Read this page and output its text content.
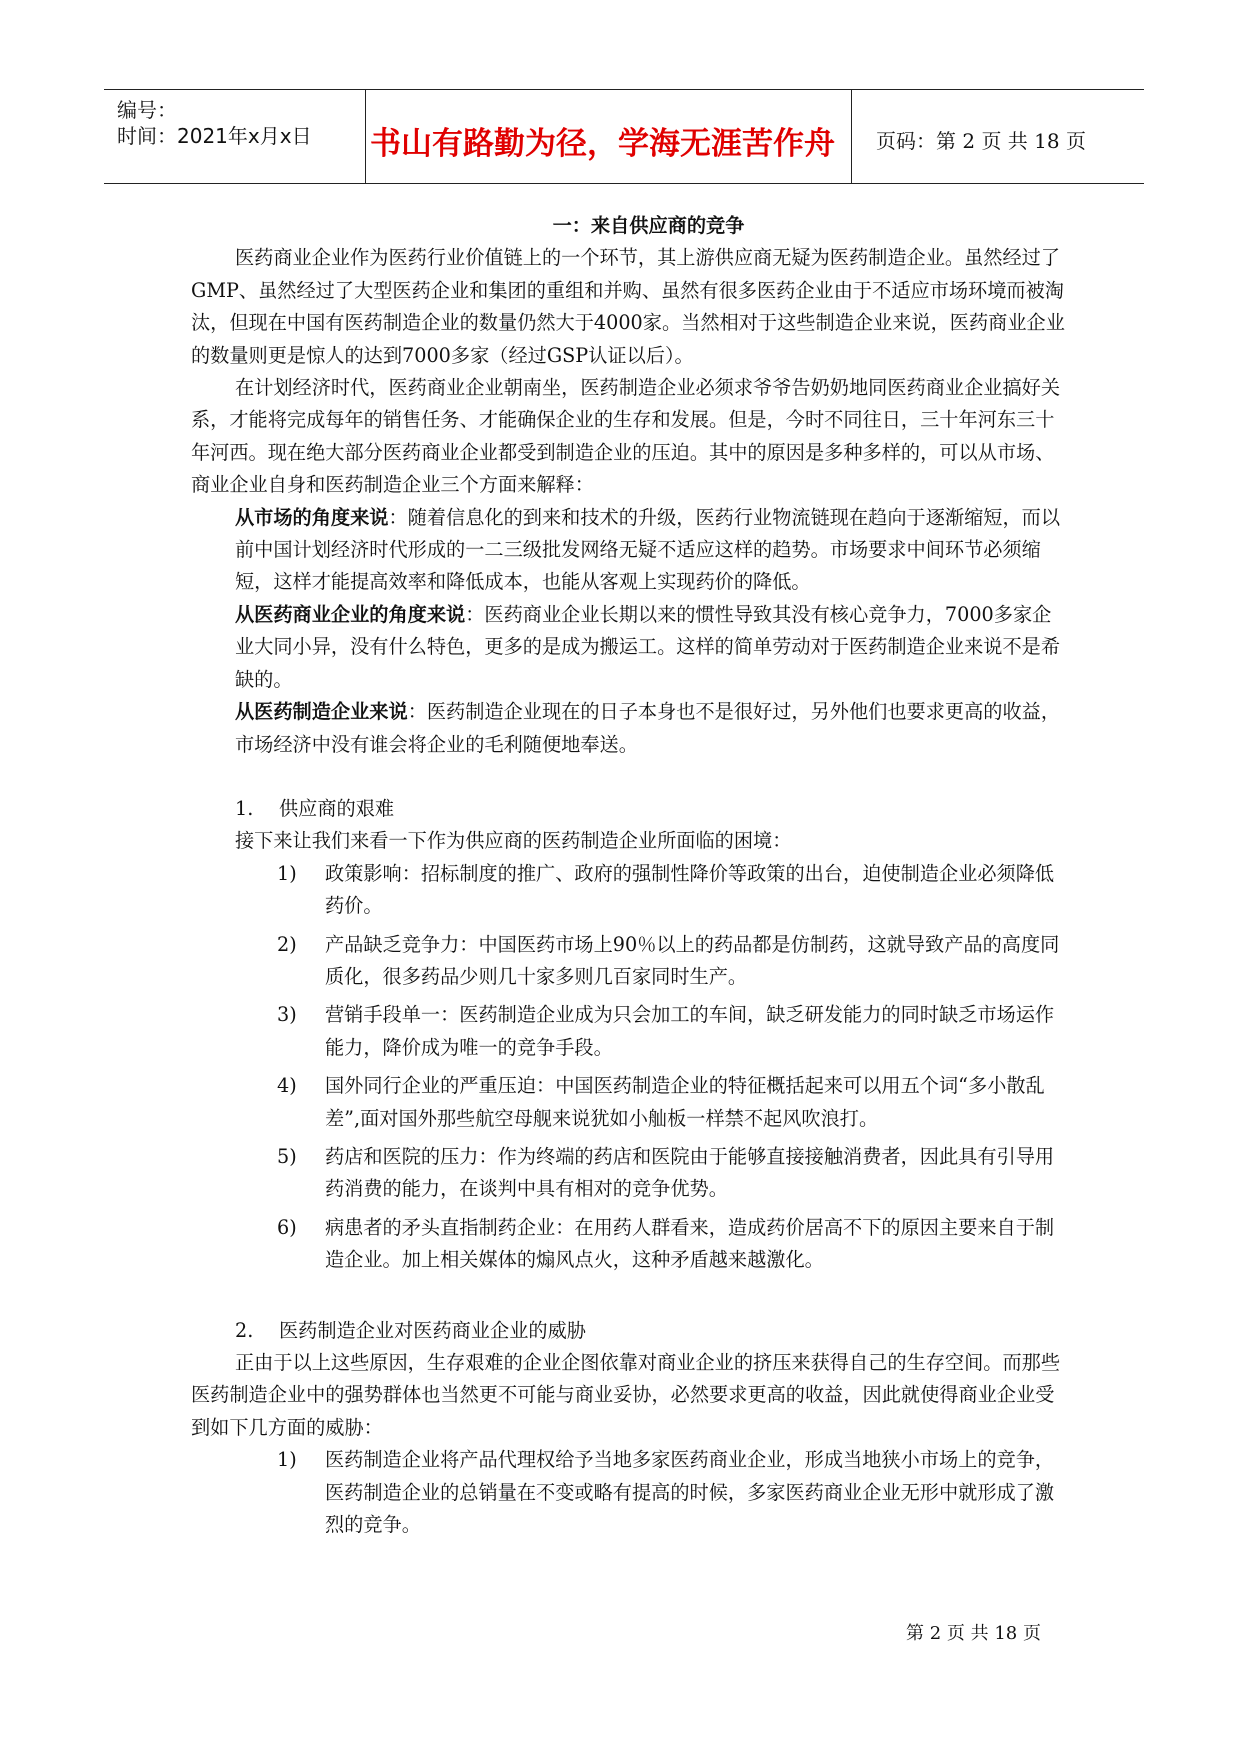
编号：
时间：2021年x月x日 书山有路勤为径，学海无涯苦作舟	页码：第 2 页 共 18 页

一：来自供应商的竞争

医药商业企业作为医药行业价值链上的一个环节，其上游供应商无疑为医药制造企业。虽然经过了GMP、虽然经过了大型医药企业和集团的重组和并购、虽然有很多医药企业由于不适应市场环境而被淘汰，但现在中国有医药制造企业的数量仍然大于4000家。当然相对于这些制造企业来说，医药商业企业的数量则更是惊人的达到7000多家（经过GSP认证以后）。

在计划经济时代，医药商业企业朝南坐，医药制造企业必须求爷爷告奶奶地同医药商业企业搞好关系，才能将完成每年的销售任务、才能确保企业的生存和发展。但是，今时不同往日，三十年河东三十年河西。现在绝大部分医药商业企业都受到制造企业的压迫。其中的原因是多种多样的，可以从市场、商业企业自身和医药制造企业三个方面来解释：

从市场的角度来说：随着信息化的到来和技术的升级，医药行业物流链现在趋向于逐渐缩短，而以前中国计划经济时代形成的一二三级批发网络无疑不适应这样的趋势。市场要求中间环节必须缩短，这样才能提高效率和降低成本，也能从客观上实现药价的降低。

从医药商业企业的角度来说：医药商业企业长期以来的惯性导致其没有核心竞争力，7000多家企业大同小异，没有什么特色，更多的是成为搬运工。这样的简单劳动对于医药制造企业来说不是希缺的。

从医药制造企业来说：医药制造企业现在的日子本身也不是很好过，另外他们也要求更高的收益，市场经济中没有谁会将企业的毛利随便地奉送。

1. 供应商的艰难

接下来让我们来看一下作为供应商的医药制造企业所面临的困境：

1) 政策影响：招标制度的推广、政府的强制性降价等政策的出台，迫使制造企业必须降低药价。
2) 产品缺乏竞争力：中国医药市场上90％以上的药品都是仿制药，这就导致产品的高度同质化，很多药品少则几十家多则几百家同时生产。
3) 营销手段单一：医药制造企业成为只会加工的车间，缺乏研发能力的同时缺乏市场运作能力，降价成为唯一的竞争手段。
4) 国外同行企业的严重压迫：中国医药制造企业的特征概括起来可以用五个词“多小散乱差”,面对国外那些航空母舰来说犹如小舢板一样禁不起风吹浪打。
5) 药店和医院的压力：作为终端的药店和医院由于能够直接接触消费者，因此具有引导用药消费的能力，在谈判中具有相对的竞争优势。
6) 病患者的矛头直指制药企业：在用药人群看来，造成药价居高不下的原因主要来自于制造企业。加上相关媒体的煽风点火，这种矛盾越来越激化。

2. 医药制造企业对医药商业企业的威胁

正由于以上这些原因，生存艰难的企业企图依靠对商业企业的挤压来获得自己的生存空间。而那些医药制造企业中的强势群体也当然更不可能与商业妥协，必然要求更高的收益，因此就使得商业企业受到如下几方面的威胁：

1) 医药制造企业将产品代理权给予当地多家医药商业企业，形成当地狭小市场上的竞争，医药制造企业的总销量在不变或略有提高的时候，多家医药商业企业无形中就形成了激烈的竞争。
第 2 页 共 18 页
